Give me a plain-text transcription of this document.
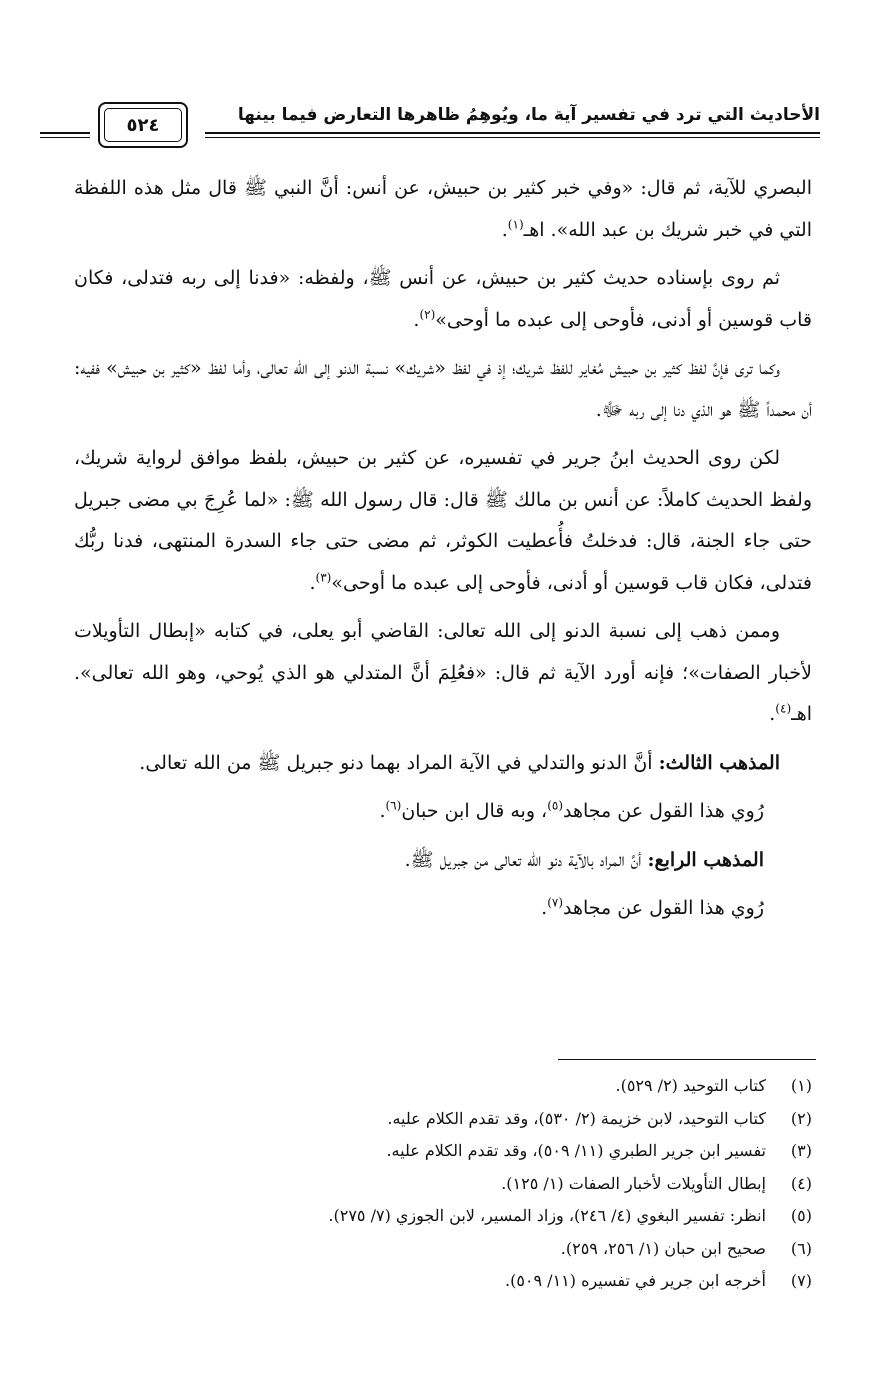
الأحاديث التي ترد في تفسير آية ما، ويُوهِمُ ظاهرها التعارض فيما بينها
٥٢٤

البصري للآية، ثم قال: «وفي خبر كثير بن حبيش، عن أنس: أنَّ النبي ﷺ قال مثل هذه اللفظة التي في خبر شريك بن عبد الله». اهـ$^{(١)}$.

ثم روى بإسناده حديث كثير بن حبيش، عن أنس ﷺ، ولفظه: «فدنا إلى ربه فتدلى، فكان قاب قوسين أو أدنى، فأوحى إلى عبده ما أوحى»$^{(٢)}$.

وكما ترى فإنَّ لفظ كثير بن حبيش مُغاير للفظ شريك؛ إذ في لفظ «شريك» نسبة الدنو إلى الله تعالى، وأما لفظ «كثير بن حبيش» ففيه: أن محمداً ﷺ هو الذي دنا إلى ربه ﷻ.

لكن روى الحديث ابنُ جرير في تفسيره، عن كثير بن حبيش، بلفظ موافق لرواية شريك، ولفظ الحديث كاملاً: عن أنس بن مالك ﷺ قال: قال رسول الله ﷺ: «لما عُرِجَ بي مضى جبريل حتى جاء الجنة، قال: فدخلتُ فأُعطيت الكوثر، ثم مضى حتى جاء السدرة المنتهى، فدنا ربُّك فتدلى، فكان قاب قوسين أو أدنى، فأوحى إلى عبده ما أوحى»$^{(٣)}$.

وممن ذهب إلى نسبة الدنو إلى الله تعالى: القاضي أبو يعلى، في كتابه «إبطال التأويلات لأخبار الصفات»؛ فإنه أورد الآية ثم قال: «فعُلِمَ أنَّ المتدلي هو الذي يُوحي، وهو الله تعالى». اهـ$^{(٤)}$.

المذهب الثالث: أنَّ الدنو والتدلي في الآية المراد بهما دنو جبريل ﷺ من الله تعالى.

رُوي هذا القول عن مجاهد$^{(٥)}$، وبه قال ابن حبان$^{(٦)}$.

المذهب الرابع: أنَّ المراد بالآية دنو الله تعالى من جبريل ﷺ.

رُوي هذا القول عن مجاهد$^{(٧)}$.

(١)
كتاب التوحيد (٢/ ٥٢٩).
(٢)
كتاب التوحيد، لابن خزيمة (٢/ ٥٣٠)، وقد تقدم الكلام عليه.
(٣)
تفسير ابن جرير الطبري (١١/ ٥٠٩)، وقد تقدم الكلام عليه.
(٤)
إبطال التأويلات لأخبار الصفات (١/ ١٢٥).
(٥)
انظر: تفسير البغوي (٤/ ٢٤٦)، وزاد المسير، لابن الجوزي (٧/ ٢٧٥).
(٦)
صحيح ابن حبان (١/ ٢٥٦، ٢٥٩).
(٧)
أخرجه ابن جرير في تفسيره (١١/ ٥٠٩).
